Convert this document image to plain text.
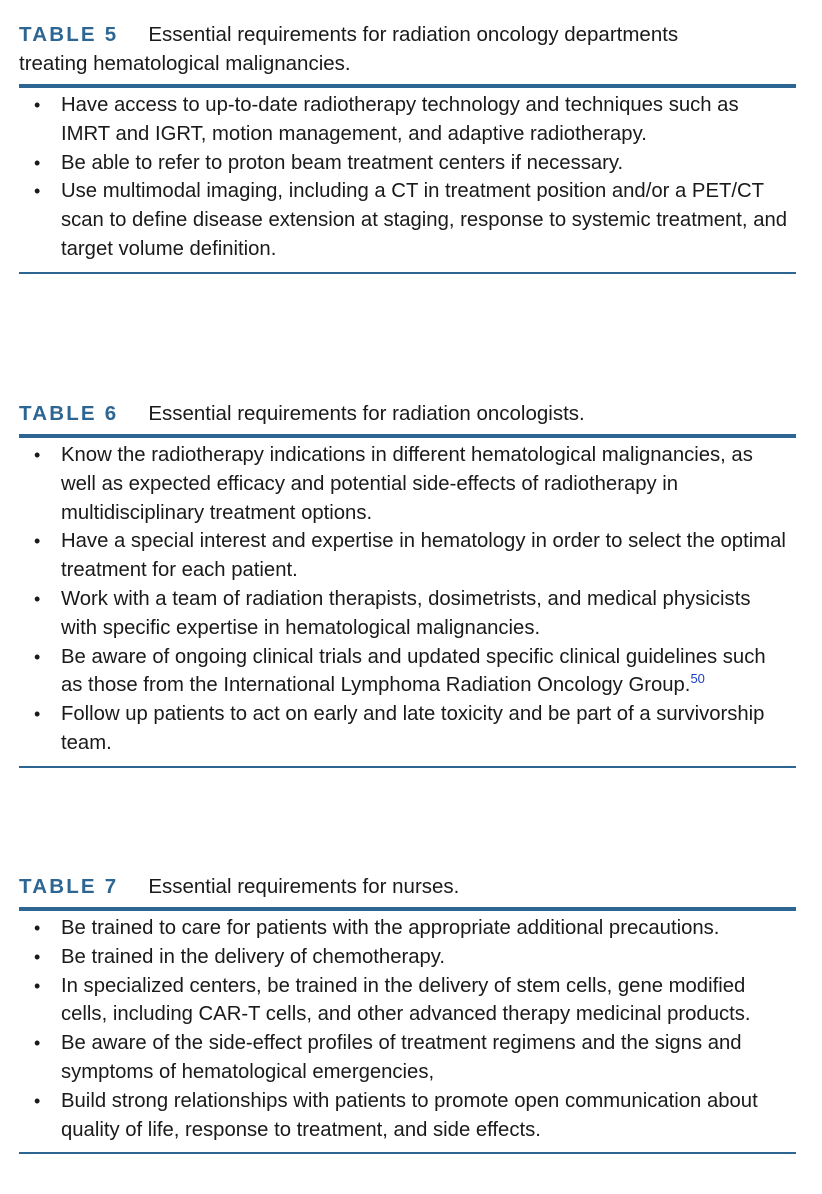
TABLE 5 Essential requirements for radiation oncology departments
treating hematological malignancies.

• Have access to up-to-date radiotherapy technology and techniques such as IMRT and IGRT, motion management, and adaptive radiotherapy.
• Be able to refer to proton beam treatment centers if necessary.
• Use multimodal imaging, including a CT in treatment position and/or a PET/CT scan to define disease extension at staging, response to systemic treatment, and target volume definition.

TABLE 6 Essential requirements for radiation oncologists.

• Know the radiotherapy indications in different hematological malignancies, as well as expected efficacy and potential side-effects of radiotherapy in multidisciplinary treatment options.
• Have a special interest and expertise in hematology in order to select the optimal treatment for each patient.
• Work with a team of radiation therapists, dosimetrists, and medical physicists with specific expertise in hematological malignancies.
• Be aware of ongoing clinical trials and updated specific clinical guidelines such as those from the International Lymphoma Radiation Oncology Group.$^{50}$
• Follow up patients to act on early and late toxicity and be part of a survivorship team.

TABLE 7 Essential requirements for nurses.

• Be trained to care for patients with the appropriate additional precautions.
• Be trained in the delivery of chemotherapy.
• In specialized centers, be trained in the delivery of stem cells, gene modified cells, including CAR-T cells, and other advanced therapy medicinal products.
• Be aware of the side-effect profiles of treatment regimens and the signs and symptoms of hematological emergencies,
• Build strong relationships with patients to promote open communication about quality of life, response to treatment, and side effects.
